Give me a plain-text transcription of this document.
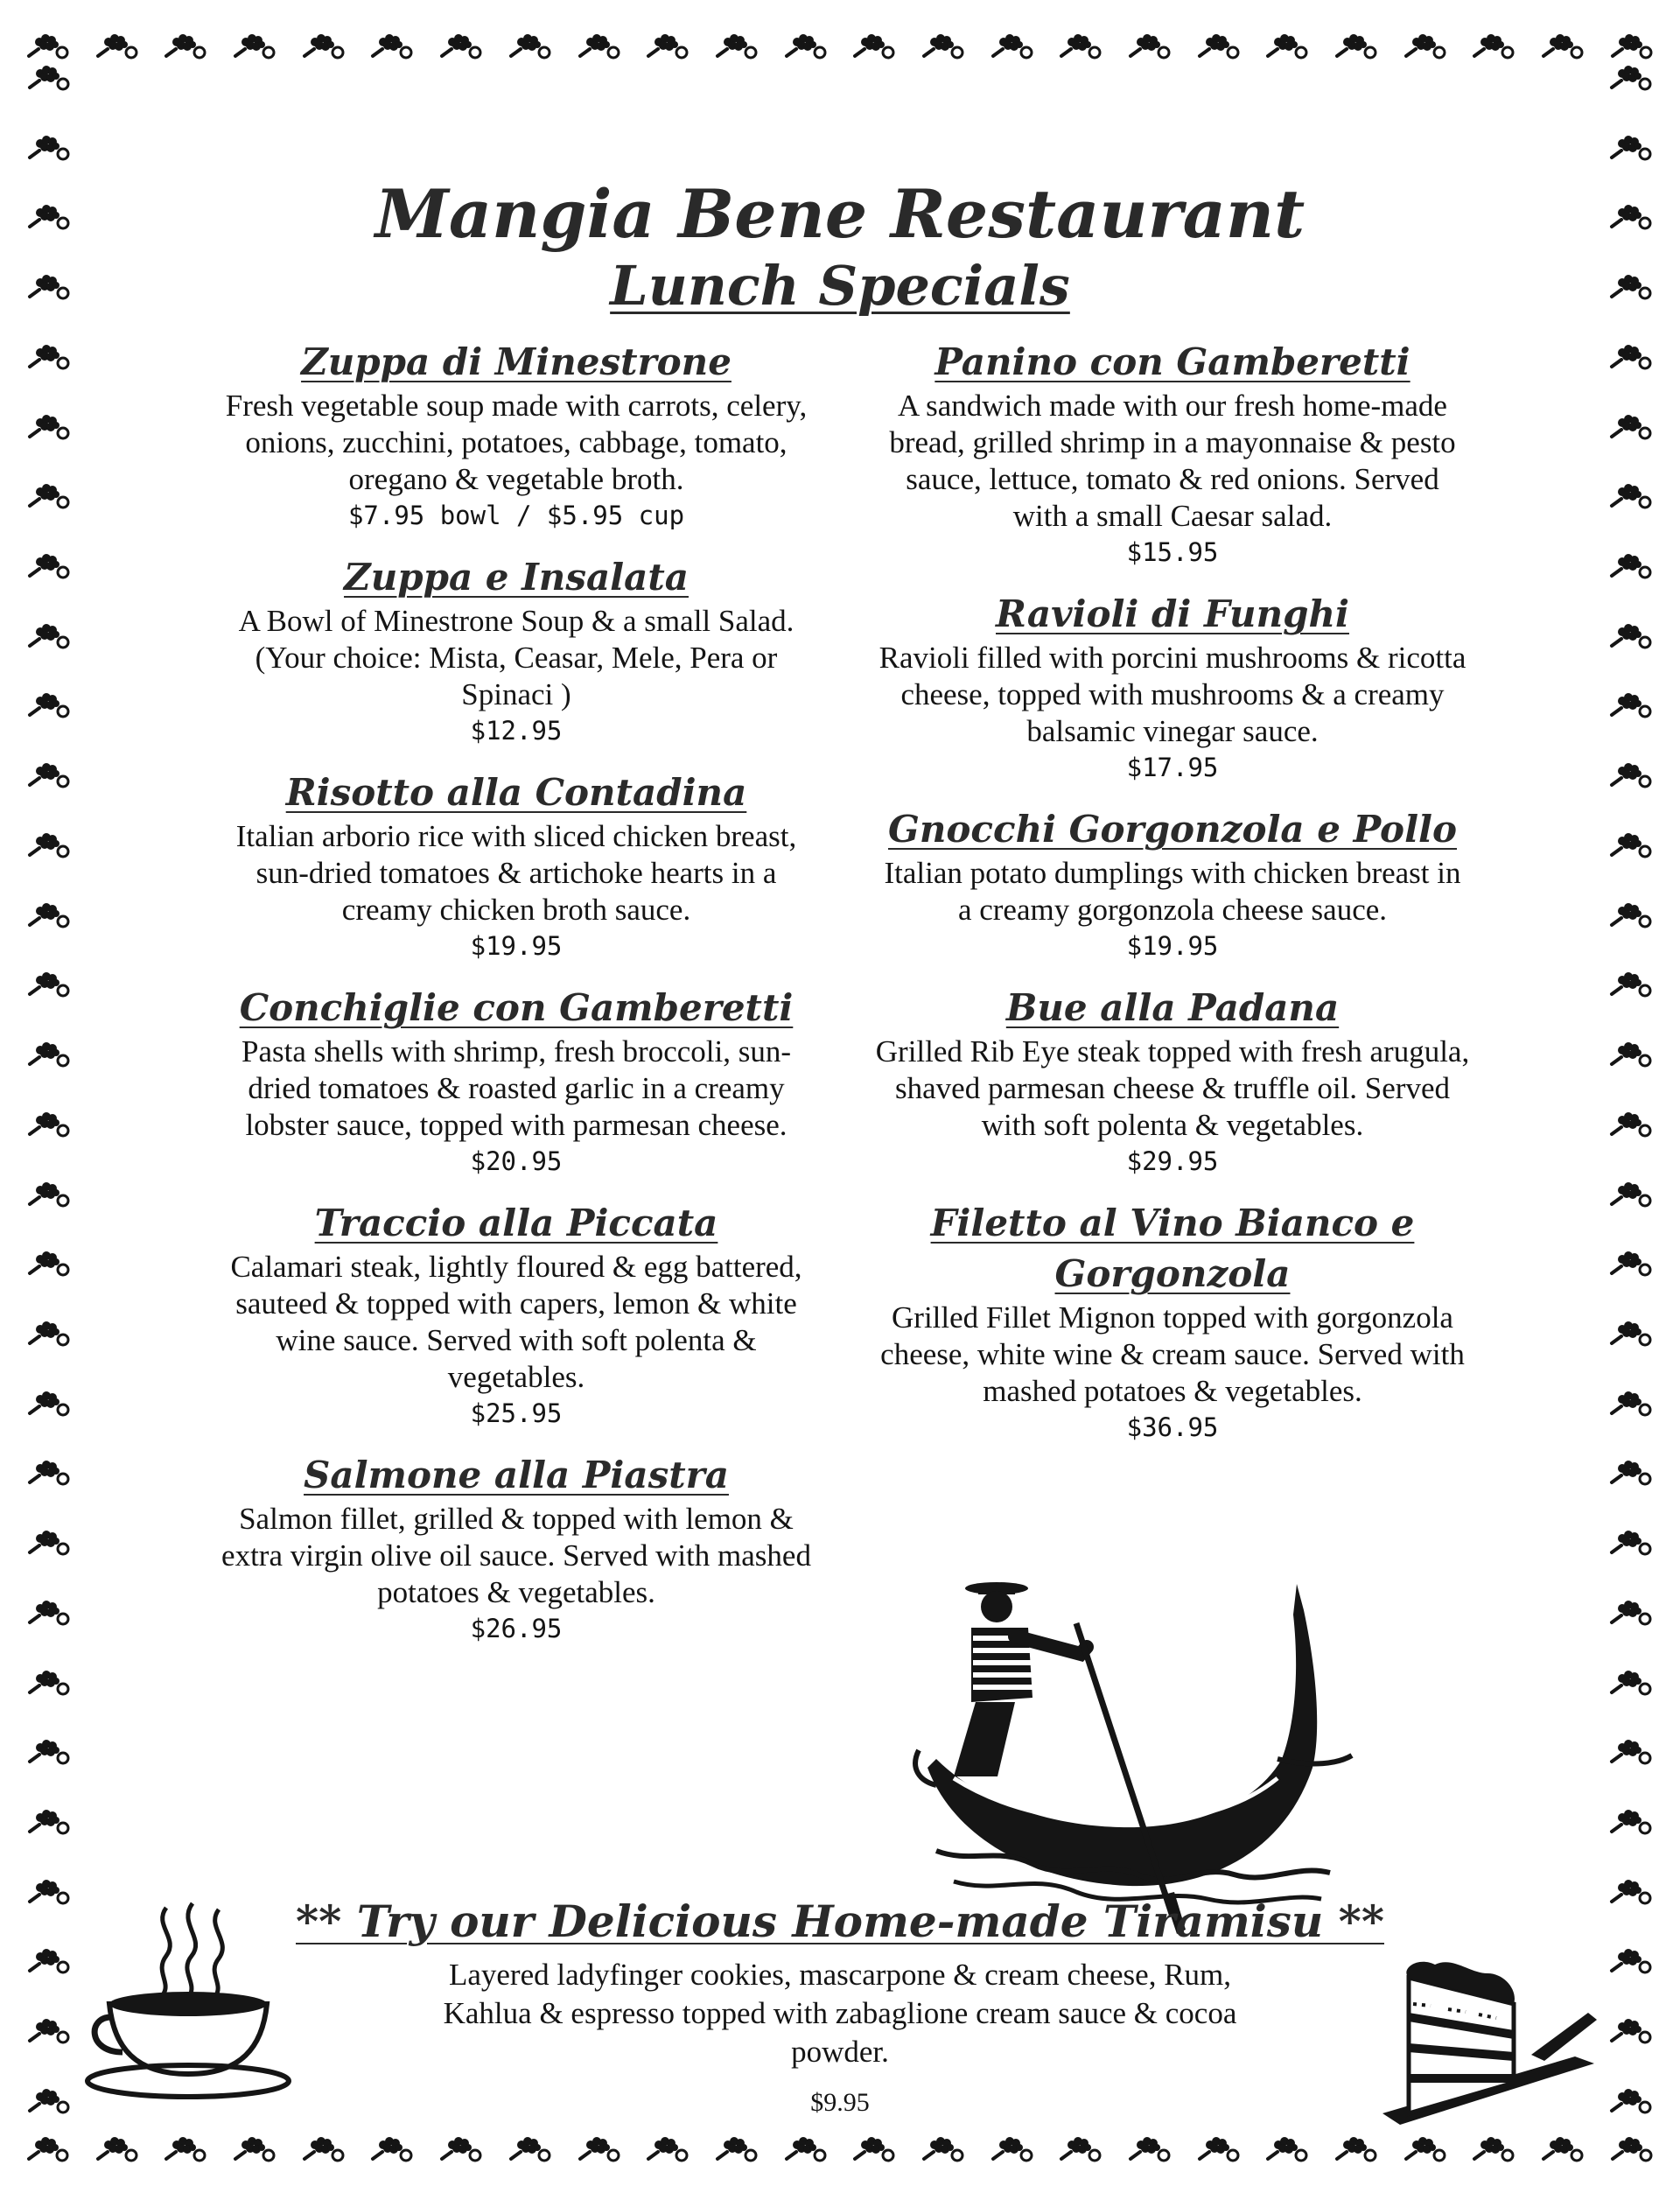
Mangia Bene Restaurant
Lunch Specials
Zuppa di Minestrone
Fresh vegetable soup made with carrots, celery, onions, zucchini, potatoes, cabbage, tomato, oregano & vegetable broth.
$7.95 bowl / $5.95 cup
Zuppa e Insalata
A Bowl of Minestrone Soup & a small Salad. (Your choice: Mista, Ceasar, Mele, Pera or Spinaci )
$12.95
Risotto alla Contadina
Italian arborio rice with sliced chicken breast, sun-dried tomatoes & artichoke hearts in a creamy chicken broth sauce.
$19.95
Conchiglie con Gamberetti
Pasta shells with shrimp, fresh broccoli, sun-dried tomatoes & roasted garlic in a creamy lobster sauce, topped with parmesan cheese.
$20.95
Traccio alla Piccata
Calamari steak, lightly floured & egg battered, sauteed & topped with capers, lemon & white wine sauce. Served with soft polenta & vegetables.
$25.95
Salmone alla Piastra
Salmon fillet, grilled & topped with lemon & extra virgin olive oil sauce. Served with mashed potatoes & vegetables.
$26.95
Panino con Gamberetti
A sandwich made with our fresh home-made bread, grilled shrimp in a mayonnaise & pesto sauce, lettuce, tomato & red onions. Served with a small Caesar salad.
$15.95
Ravioli di Funghi
Ravioli filled with porcini mushrooms & ricotta cheese, topped with mushrooms & a creamy balsamic vinegar sauce.
$17.95
Gnocchi Gorgonzola e Pollo
Italian potato dumplings with chicken breast in a creamy gorgonzola cheese sauce.
$19.95
Bue alla Padana
Grilled Rib Eye steak topped with fresh arugula, shaved parmesan cheese & truffle oil. Served with soft polenta & vegetables.
$29.95
Filetto al Vino Bianco e Gorgonzola
Grilled Fillet Mignon topped with gorgonzola cheese, white wine & cream sauce. Served with mashed potatoes & vegetables.
$36.95
** Try our Delicious Home-made Tiramisu **
Layered ladyfinger cookies, mascarpone & cream cheese, Rum, Kahlua & espresso topped with zabaglione cream sauce & cocoa powder.
$9.95
